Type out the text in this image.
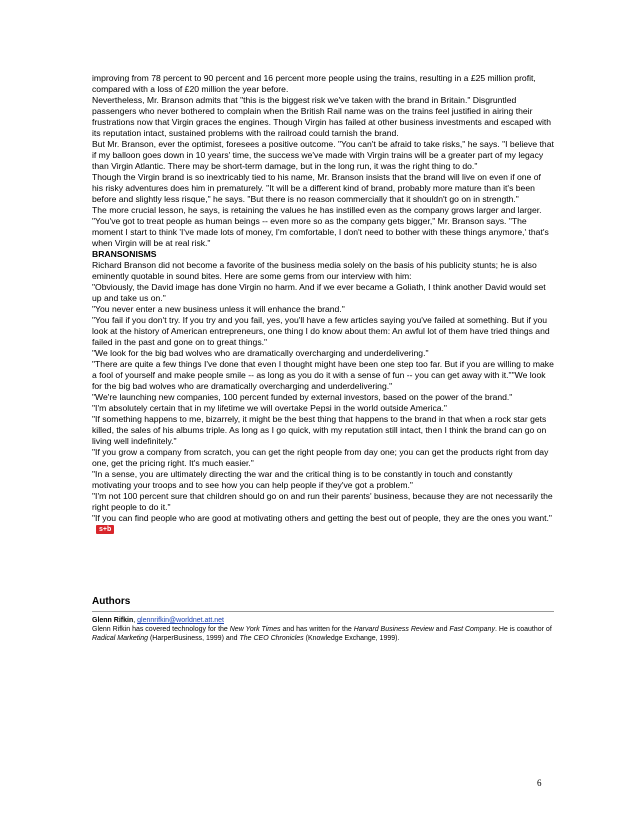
improving from 78 percent to 90 percent and 16 percent more people using the trains, resulting in a £25 million profit, compared with a loss of £20 million the year before.

Nevertheless, Mr. Branson admits that "this is the biggest risk we've taken with the brand in Britain." Disgruntled passengers who never bothered to complain when the British Rail name was on the trains feel justified in airing their frustrations now that Virgin graces the engines. Though Virgin has failed at other business investments and escaped with its reputation intact, sustained problems with the railroad could tarnish the brand.

But Mr. Branson, ever the optimist, foresees a positive outcome. "You can't be afraid to take risks," he says. "I believe that if my balloon goes down in 10 years' time, the success we've made with Virgin trains will be a greater part of my legacy than Virgin Atlantic. There may be short-term damage, but in the long run, it was the right thing to do."

Though the Virgin brand is so inextricably tied to his name, Mr. Branson insists that the brand will live on even if one of his risky adventures does him in prematurely. "It will be a different kind of brand, probably more mature than it's been before and slightly less risque," he says. "But there is no reason commercially that it shouldn't go on in strength."

The more crucial lesson, he says, is retaining the values he has instilled even as the company grows larger and larger. "You've got to treat people as human beings -- even more so as the company gets bigger," Mr. Branson says. "The moment I start to think 'I've made lots of money, I'm comfortable, I don't need to bother with these things anymore,' that's when Virgin will be at real risk."

BRANSONISMS

Richard Branson did not become a favorite of the business media solely on the basis of his publicity stunts; he is also eminently quotable in sound bites. Here are some gems from our interview with him:

"Obviously, the David image has done Virgin no harm. And if we ever became a Goliath, I think another David would set up and take us on."

"You never enter a new business unless it will enhance the brand."

"You fail if you don't try. If you try and you fail, yes, you'll have a few articles saying you've failed at something. But if you look at the history of American entrepreneurs, one thing I do know about them: An awful lot of them have tried things and failed in the past and gone on to great things."

"We look for the big bad wolves who are dramatically overcharging and underdelivering."

"There are quite a few things I've done that even I thought might have been one step too far. But if you are willing to make a fool of yourself and make people smile -- as long as you do it with a sense of fun -- you can get away with it.""We look for the big bad wolves who are dramatically overcharging and underdelivering."

"We're launching new companies, 100 percent funded by external investors, based on the power of the brand."

"I'm absolutely certain that in my lifetime we will overtake Pepsi in the world outside America."

"If something happens to me, bizarrely, it might be the best thing that happens to the brand in that when a rock star gets killed, the sales of his albums triple. As long as I go quick, with my reputation still intact, then I think the brand can go on living well indefinitely."

"If you grow a company from scratch, you can get the right people from day one; you can get the products right from day one, get the pricing right. It's much easier."

"In a sense, you are ultimately directing the war and the critical thing is to be constantly in touch and constantly motivating your troops and to see how you can help people if they've got a problem."

"I'm not 100 percent sure that children should go on and run their parents' business, because they are not necessarily the right people to do it."

"If you can find people who are good at motivating others and getting the best out of people, they are the ones you want."s+b

Authors

Glenn Rifkin, glennrifkin@worldnet.att.net

Glenn Rifkin has covered technology for the New York Times and has written for the Harvard Business Review and Fast Company. He is coauthor of Radical Marketing (HarperBusiness, 1999) and The CEO Chronicles (Knowledge Exchange, 1999).

6
